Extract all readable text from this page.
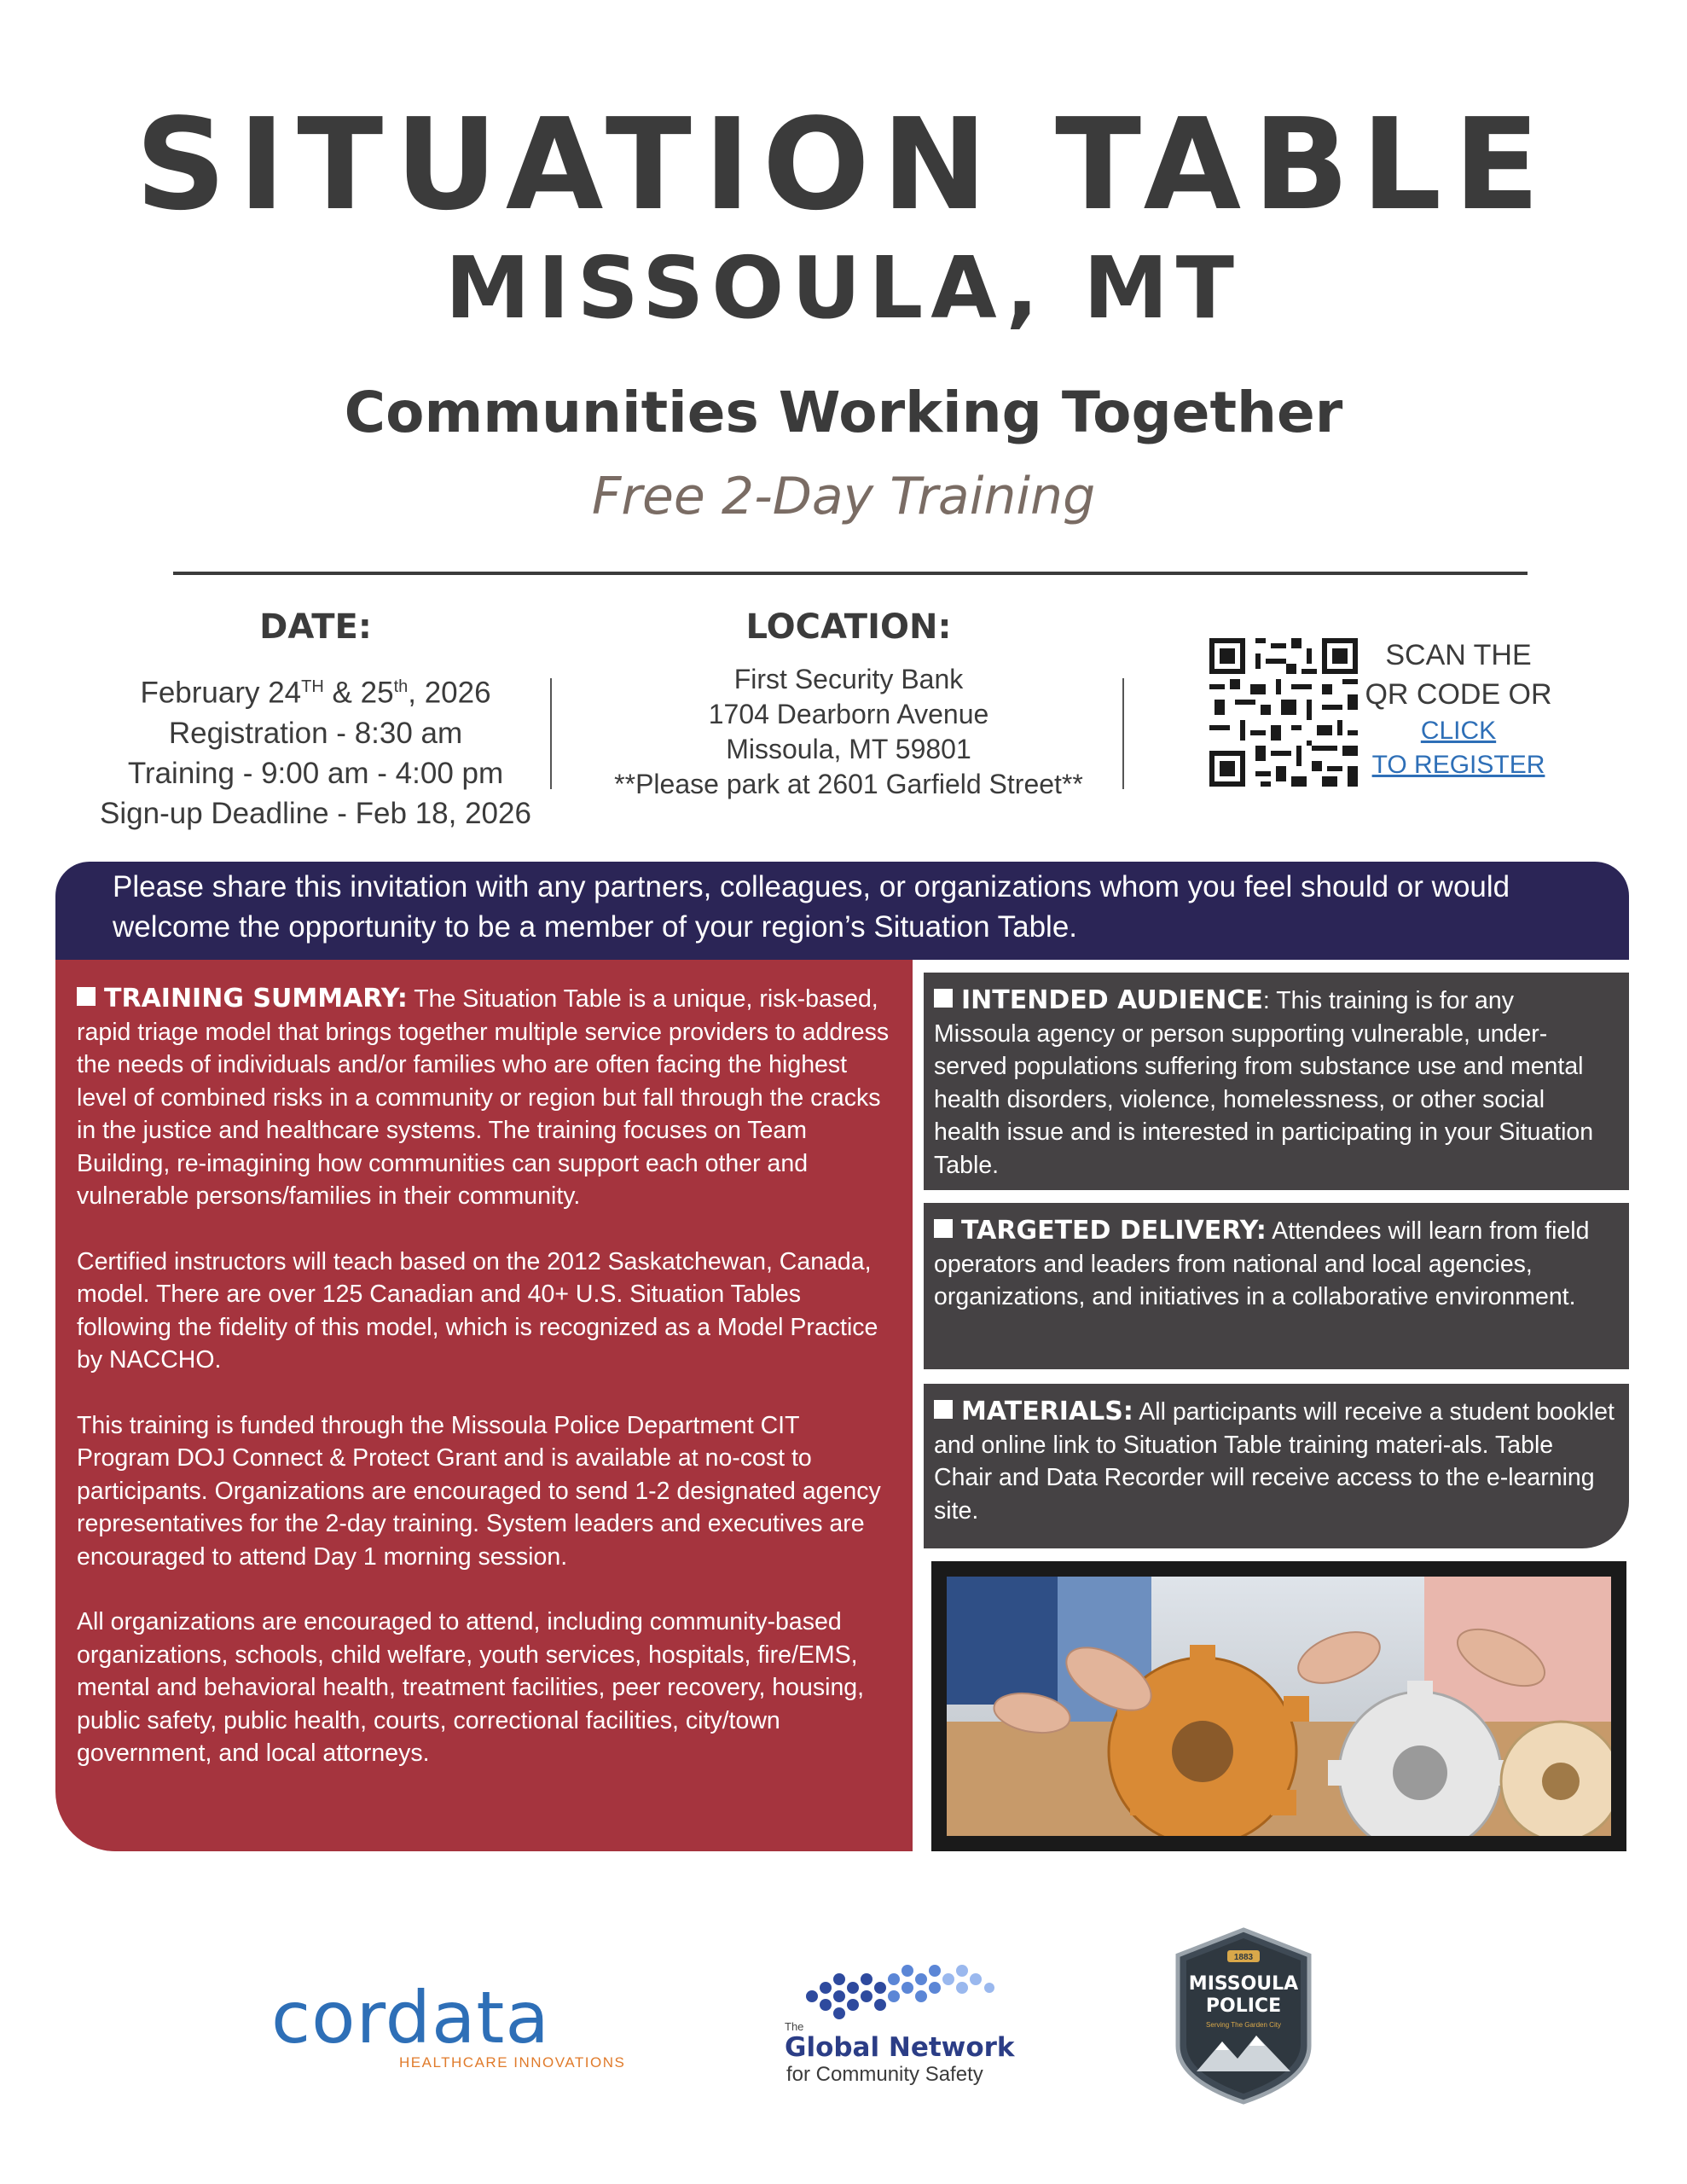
SITUATION TABLE
MISSOULA, MT
Communities Working Together
Free 2-Day Training
DATE:
February 24TH & 25th, 2026
Registration - 8:30 am
Training - 9:00 am - 4:00 pm
Sign-up Deadline - Feb 18, 2026
LOCATION:
First Security Bank
1704 Dearborn Avenue
Missoula, MT 59801
**Please park at 2601 Garfield Street**
SCAN THE
QR CODE OR
CLICK
TO REGISTER
Please share this invitation with any partners, colleagues, or organizations whom you feel should or would welcome the opportunity to be a member of your region’s Situation Table.

TRAINING SUMMARY: The Situation Table is a unique, risk-based, rapid triage model that brings together multiple service providers to address the needs of individuals and/or families who are often facing the highest level of combined risks in a community or region but fall through the cracks in the justice and healthcare systems. The training focuses on Team Building, re-imagining how communities can support each other and vulnerable persons/families in their community.

Certified instructors will teach based on the 2012 Saskatchewan, Canada, model. There are over 125 Canadian and 40+ U.S. Situation Tables following the fidelity of this model, which is recognized as a Model Practice by NACCHO.

This training is funded through the Missoula Police Department CIT Program DOJ Connect & Protect Grant and is available at no-cost to participants. Organizations are encouraged to send 1-2 designated agency representatives for the 2-day training. System leaders and executives are encouraged to attend Day 1 morning session.

All organizations are encouraged to attend, including community-based organizations, schools, child welfare, youth services, hospitals, fire/EMS, mental and behavioral health, treatment facilities, peer recovery, housing, public safety, public health, courts, correctional facilities, city/town government, and local attorneys.

INTENDED AUDIENCE: This training is for any Missoula agency or person supporting vulnerable, under-served populations suffering from substance use and mental health disorders, violence, homelessness, or other social health issue and is interested in participating in your Situation Table.
TARGETED DELIVERY: Attendees will learn from field operators and leaders from national and local agencies, organizations, and initiatives in a collaborative environment.
MATERIALS: All participants will receive a student booklet and online link to Situation Table training materi-als. Table Chair and Data Recorder will receive access to the e-learning site.
cordata
HEALTHCARE INNOVATIONS
The
Global Network
for Community Safety
1883
MISSOULA
POLICE
Serving The Garden City
